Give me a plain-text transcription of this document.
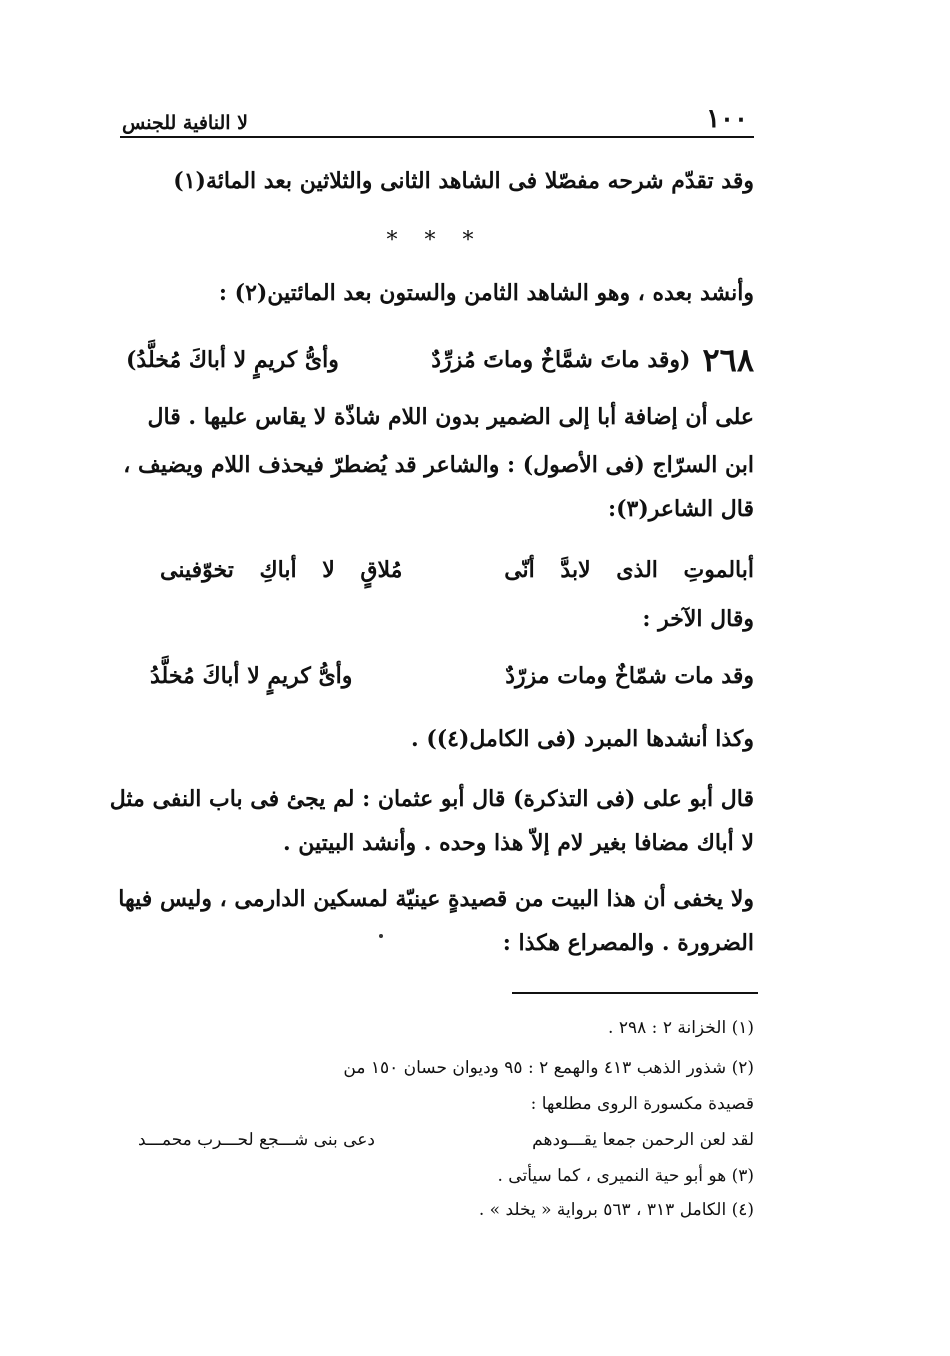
١٠٠
لا النافية للجنس
وقد تقدّم شرحه مفصّلا فى الشاهد الثانى والثلاثين بعد المائة(١)
* * *
وأنشد بعده ، وهو الشاهد الثامن والستون بعد المائتين(٢) :
٢٦٨
(وقد ماتَ شمَّاخٌ وماتَ مُزرِّدٌ
وأىُّ كريمٍ لا أباكَ مُخلَّدُ)
على أن إضافة أبا إلى الضمير بدون اللام شاذّة لا يقاس عليها . قال
ابن السرّاج (فى الأصول) : والشاعر قد يُضطرّ فيحذف اللام ويضيف ،
قال الشاعر(٣):
أبالموتِ الذى لابدَّ أنّى
مُلاقٍ لا أباكِ تخوّفينى
وقال الآخر :
وقد مات شمّاخٌ ومات مزرّدٌ
وأىُّ كريمٍ لا أباكَ مُخلَّدُ
وكذا أنشدها المبرد (فى الكامل(٤)) .
قال أبو على (فى التذكرة) قال أبو عثمان : لم يجئ فى باب النفى مثل
لا أباك مضافا بغير لام إلاّ هذا وحده . وأنشد البيتين .
ولا يخفى أن هذا البيت من قصيدةٍ عينيّة لمسكين الدارمى ، وليس فيها
الضرورة . والمصراع هكذا :
(١) الخزانة ٢ : ٢٩٨ .
(٢) شذور الذهب ٤١٣ والهمع ٢ : ٩٥ وديوان حسان ١٥٠ من
قصيدة مكسورة الروى مطلعها :
لقد لعن الرحمن جمعا يقـــودهم
دعى بنى شـــجع لحـــرب محمـــد
(٣) هو أبو حية النميرى ، كما سيأتى .
(٤) الكامل ٣١٣ ، ٥٦٣ برواية « يخلد » .
